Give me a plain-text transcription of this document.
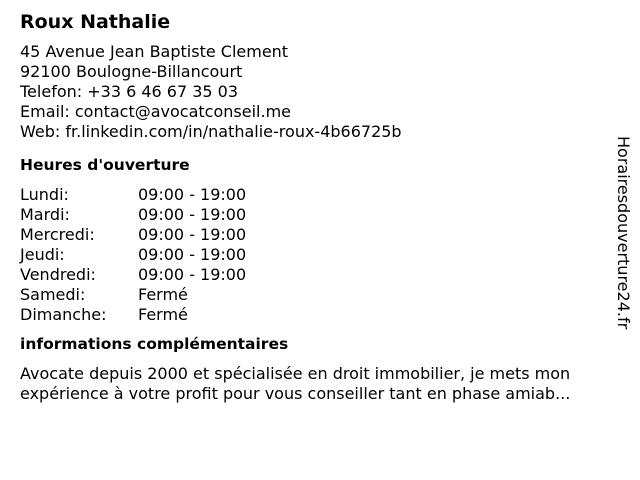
Roux Nathalie
45 Avenue Jean Baptiste Clement
92100 Boulogne-Billancourt
Telefon: +33 6 46 67 35 03
Email: contact@avocatconseil.me
Web: fr.linkedin.com/in/nathalie-roux-4b66725b
Heures d'ouverture
Lundi:	09:00 - 19:00
Mardi:	09:00 - 19:00
Mercredi:	09:00 - 19:00
Jeudi:	09:00 - 19:00
Vendredi:	09:00 - 19:00
Samedi:	Fermé
Dimanche:	Fermé
informations complémentaires
Avocate depuis 2000 et spécialisée en droit immobilier, je mets mon
expérience à votre profit pour vous conseiller tant en phase amiab...
Horairesdouverture24.fr
